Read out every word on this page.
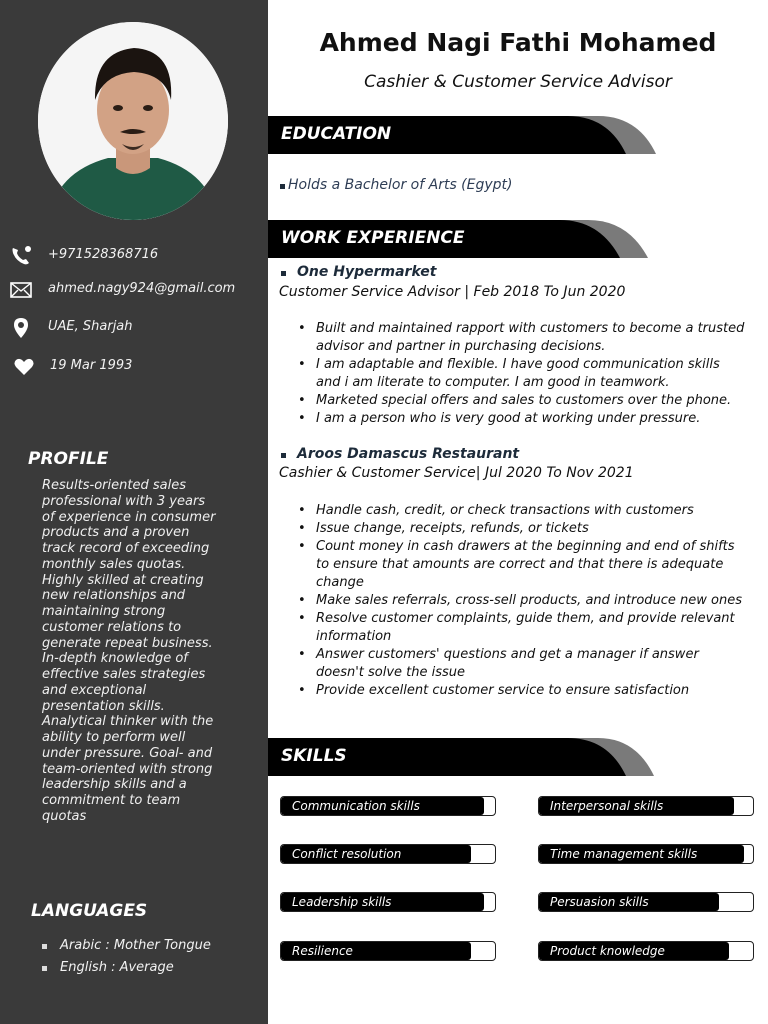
+971528368716
ahmed.nagy924@gmail.com
UAE, Sharjah
19 Mar 1993
PROFILE
Results-oriented sales professional with 3 years of experience in consumer products and a proven track record of exceeding monthly sales quotas. Highly skilled at creating new relationships and maintaining strong customer relations to generate repeat business. In-depth knowledge of effective sales strategies and exceptional presentation skills. Analytical thinker with the ability to perform well under pressure. Goal- and team-oriented with strong leadership skills and a commitment to team quotas
LANGUAGES
Arabic : Mother Tongue
English : Average
Ahmed Nagi Fathi Mohamed
Cashier & Customer Service Advisor
EDUCATION
Holds a Bachelor of Arts (Egypt)
WORK EXPERIENCE
One Hypermarket
Customer Service Advisor | Feb 2018 To Jun 2020
• Built and maintained rapport with customers to become a trusted advisor and partner in purchasing decisions.
• I am adaptable and flexible. I have good communication skills and i am literate to computer. I am good in teamwork.
• Marketed special offers and sales to customers over the phone.
• I am a person who is very good at working under pressure.
Aroos Damascus Restaurant
Cashier & Customer Service| Jul 2020 To Nov 2021
• Handle cash, credit, or check transactions with customers
• Issue change, receipts, refunds, or tickets
• Count money in cash drawers at the beginning and end of shifts to ensure that amounts are correct and that there is adequate change
• Make sales referrals, cross-sell products, and introduce new ones
• Resolve customer complaints, guide them, and provide relevant information
• Answer customers' questions and get a manager if answer doesn't solve the issue
• Provide excellent customer service to ensure satisfaction
SKILLS
Communication skills	Interpersonal skills
Conflict resolution	Time management skills
Leadership skills	Persuasion skills
Resilience	Product knowledge
